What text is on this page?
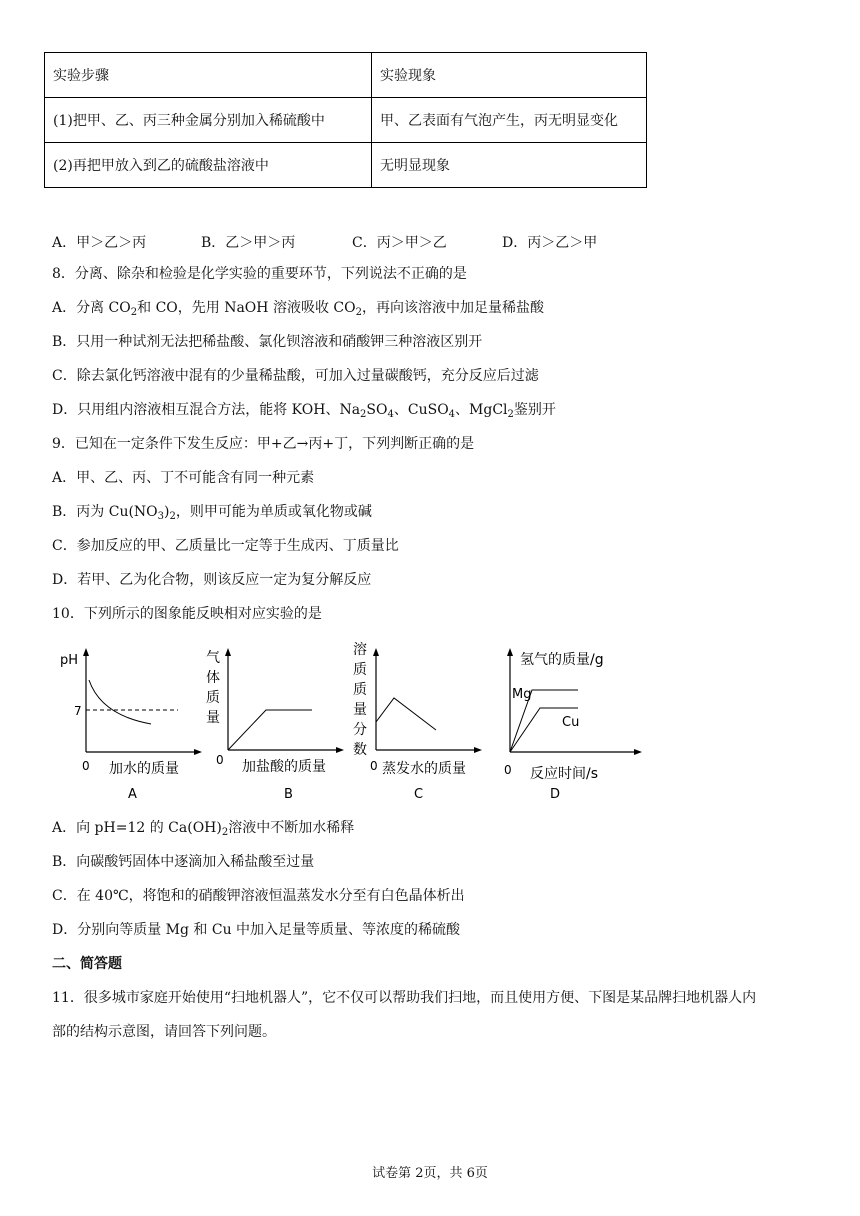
实验步骤	实验现象
(1)把甲、乙、丙三种金属分别加入稀硫酸中	甲、乙表面有气泡产生，丙无明显变化
(2)再把甲放入到乙的硫酸盐溶液中	无明显现象
A．甲＞乙＞丙	B．乙＞甲＞丙	C．丙＞甲＞乙	D．丙＞乙＞甲
8．分离、除杂和检验是化学实验的重要环节，下列说法不正确的是
A．分离 $CO_2$和 CO，先用 NaOH 溶液吸收 $CO_2$，再向该溶液中加足量稀盐酸
B．只用一种试剂无法把稀盐酸、氯化钡溶液和硝酸钾三种溶液区别开
C．除去氯化钙溶液中混有的少量稀盐酸，可加入过量碳酸钙，充分反应后过滤
D．只用组内溶液相互混合方法，能将 KOH、$Na_2SO_4$、CuSO$_4$、MgCl$_2$鉴别开
9．已知在一定条件下发生反应：甲+乙→丙+丁，下列判断正确的是
A．甲、乙、丙、丁不可能含有同一种元素
B．丙为 $Cu(NO_3)_2$，则甲可能为单质或氧化物或碱
C．参加反应的甲、乙质量比一定等于生成丙、丁质量比
D．若甲、乙为化合物，则该反应一定为复分解反应
10．下列所示的图象能反映相对应实验的是
pH
7
0 加水的质量
A
气
体
质
量
0 加盐酸的质量
B
溶
质
质
量
分
数
0 蒸发水的质量
C
氢气的质量/g
Mg
Cu
0 反应时间/s
D
A．向 pH=12 的 $Ca(OH)_2$溶液中不断加水稀释
B．向碳酸钙固体中逐滴加入稀盐酸至过量
C．在 40℃，将饱和的硝酸钾溶液恒温蒸发水分至有白色晶体析出
D．分别向等质量 Mg 和 Cu 中加入足量等质量、等浓度的稀硫酸
二、简答题
11．很多城市家庭开始使用“扫地机器人”，它不仅可以帮助我们扫地，而且使用方便、下图是某品牌扫地机器人内
部的结构示意图，请回答下列问题。
试卷第 2页，共 6页
